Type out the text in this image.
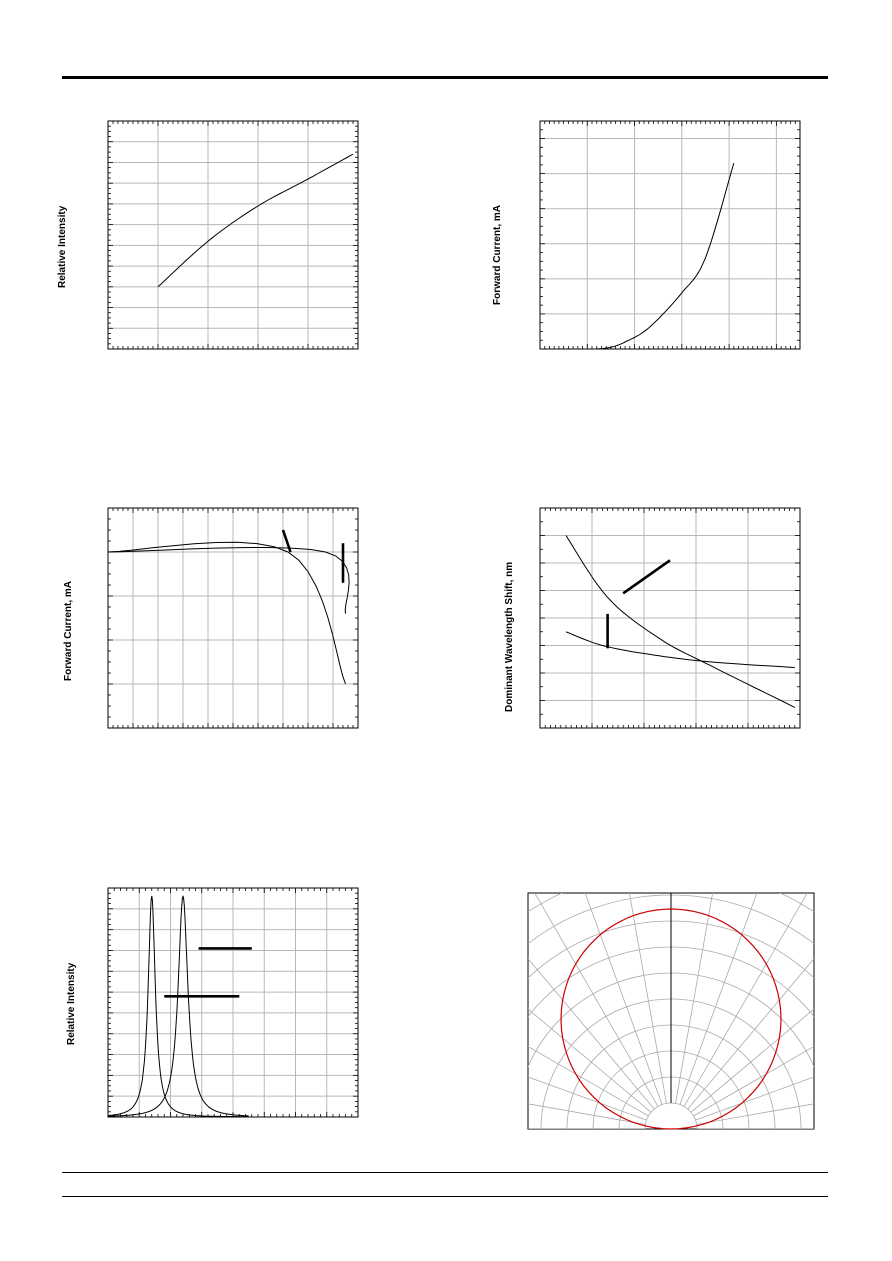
Relative Intensity	Forward Current, mA
Forward Current, mA	Dominant Wavelength Shift, nm
Relative Intensity
